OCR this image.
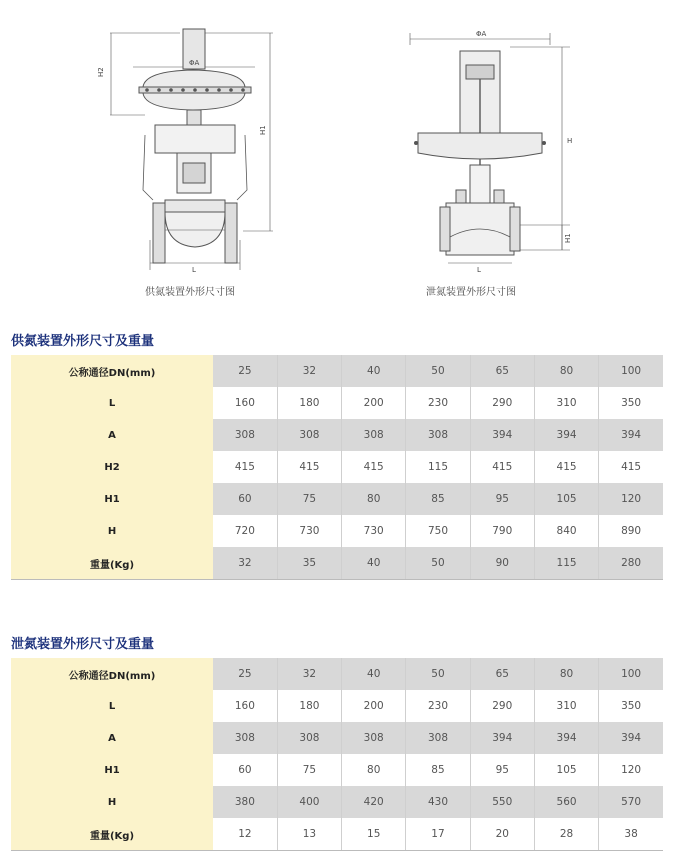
H2
H1
ΦA
L
供氮装置外形尺寸图
ΦA
H
H1
L
泄氮装置外形尺寸图
供氮装置外形尺寸及重量
公称通径DN(mm)	25	32	40	50	65	80	100
L	160	180	200	230	290	310	350
A	308	308	308	308	394	394	394
H2	415	415	415	115	415	415	415
H1	60	75	80	85	95	105	120
H	720	730	730	750	790	840	890
重量(Kg)	32	35	40	50	90	115	280
泄氮装置外形尺寸及重量
公称通径DN(mm)	25	32	40	50	65	80	100
L	160	180	200	230	290	310	350
A	308	308	308	308	394	394	394
H1	60	75	80	85	95	105	120
H	380	400	420	430	550	560	570
重量(Kg)	12	13	15	17	20	28	38
